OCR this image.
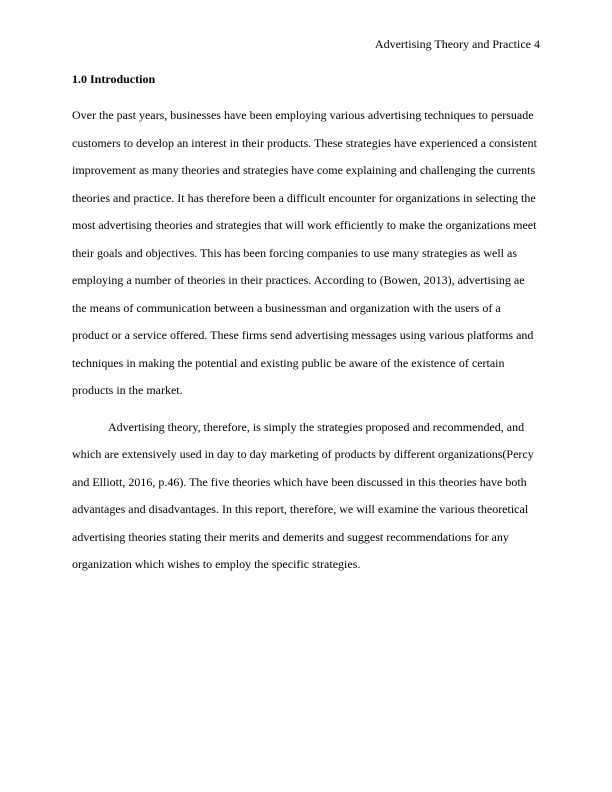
Advertising Theory and Practice 4
1.0 Introduction
Over the past years, businesses have been employing various advertising techniques to persuade
customers to develop an interest in their products. These strategies have experienced a consistent
improvement as many theories and strategies have come explaining and challenging the currents
theories and practice. It has therefore been a difficult encounter for organizations in selecting the
most advertising theories and strategies that will work efficiently to make the organizations meet
their goals and objectives. This has been forcing companies to use many strategies as well as
employing a number of theories in their practices. According to (Bowen, 2013), advertising ae
the means of communication between a businessman and organization with the users of a
product or a service offered. These firms send advertising messages using various platforms and
techniques in making the potential and existing public be aware of the existence of certain
products in the market.
Advertising theory, therefore, is simply the strategies proposed and recommended, and
which are extensively used in day to day marketing of products by different organizations(Percy
and Elliott, 2016, p.46). The five theories which have been discussed in this theories have both
advantages and disadvantages. In this report, therefore, we will examine the various theoretical
advertising theories stating their merits and demerits and suggest recommendations for any
organization which wishes to employ the specific strategies.
